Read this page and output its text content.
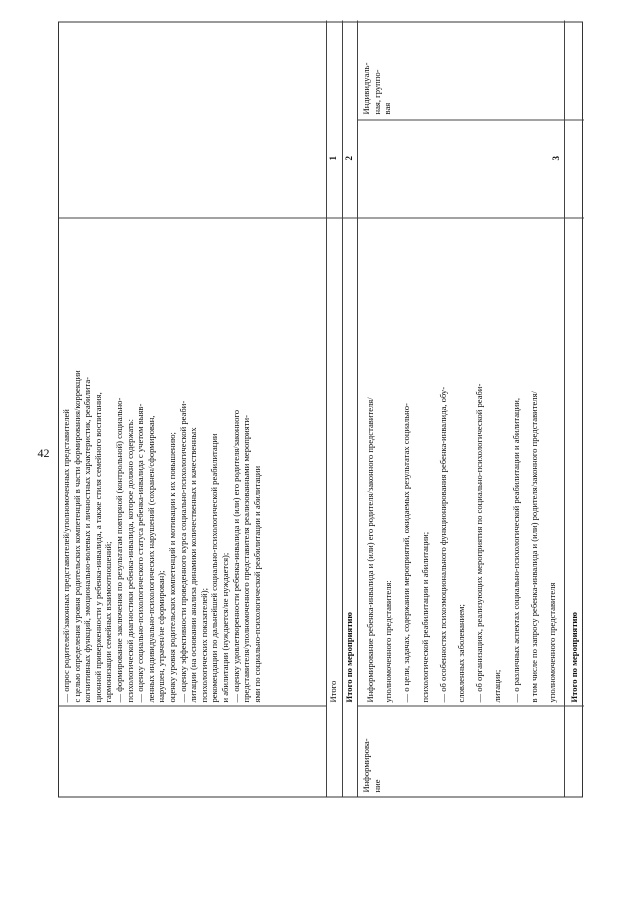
42 — опрос родителей/законных представителей/уполномоченных представителей с целью определения уровня родительских компетенций в части формирования/коррекции когнитивных функций, эмоционально-волевых и личностных характеристик, реабилита- ционной приверженности у ребенка-инвалида, а также стиля семейного воспитания, гармонизации семейных взаимоотношений; — формирование заключения по результатам повторной (контрольной) социально- психологической диагностики ребенка-инвалида, которое должно содержать: — оценку социально-психологического статуса ребенка-инвалида с учетом выяв- ленных индивидуально-психологических нарушений (сохранен/сформирован, нарушен, утрачен/не сформирован); оценку уровня родительских компетенций и мотивации к их повышению; — оценку эффективности проведенного курса социально-психологической реаби- литации (на основании анализа динамики количественных и качественных психологических показателей); рекомендации по дальнейшей социально-психологической реабилитации и абилитации (нуждается/не нуждается); — оценку удовлетворенности ребенка-инвалида и (или) его родителя/законного представителя/уполномоченного представителя реализованными мероприяти- ями по социально-психологической реабилитации и абилитации	Итого
1
Итого по мероприятию
2
Информирова- ние
Информирование ребенка-инвалида и (или) его родителя/законного представителя/ уполномоченного представителя: — о цели, задачах, содержании мероприятий, ожидаемых результатах социально- психологической реабилитации и абилитации; — об особенностях психоэмоционального функционирования ребенка-инвалида, обу- словленных заболеванием; — об организациях, реализующих мероприятия по социально-психологической реаби- литации; — о различных аспектах социально-психологической реабилитации и абилитации, в том числе по запросу ребенка-инвалида и (или) родителя/законного представителя/ уполномоченного представителя
3
Индивидуаль- ная, группо- вая
Итого по мероприятию
